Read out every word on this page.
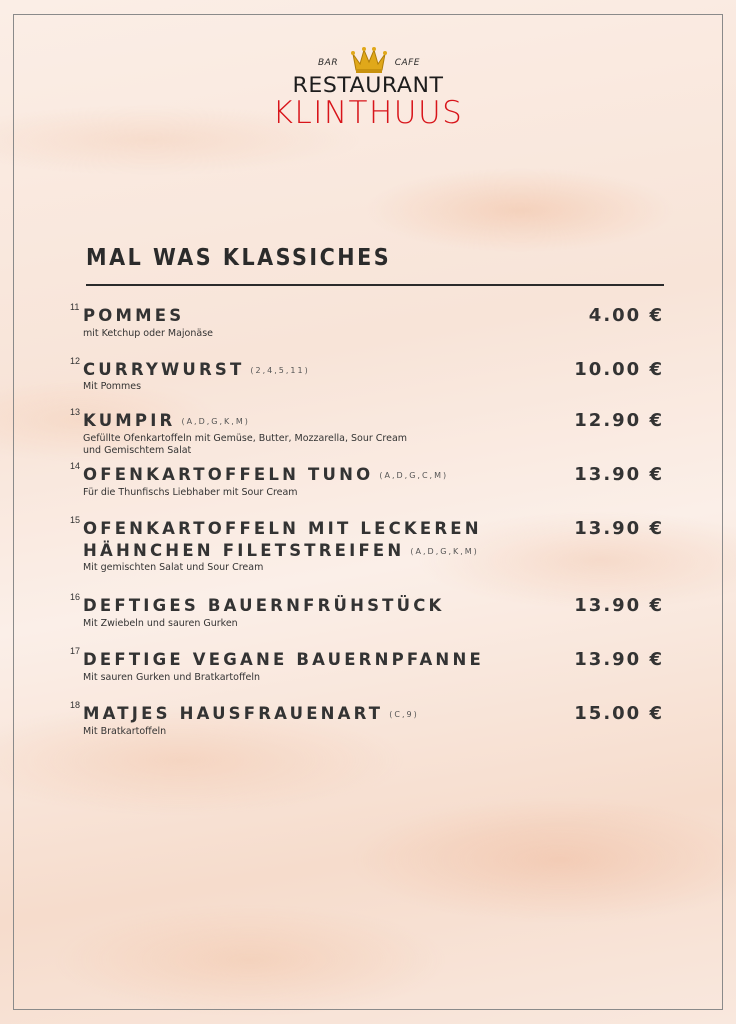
BAR	CAFE
RESTAURANT
KLINTHUUS
MAL WAS KLASSICHES
11 POMMES
mit Ketchup oder Majonäse
4.00 €
12 CURRYWURST (2,4,5,11)
Mit Pommes
10.00 €
13 KUMPIR (A,D,G,K,M)
Gefüllte Ofenkartoffeln mit Gemüse, Butter, Mozzarella, Sour Cream und Gemischtem Salat
12.90 €
14 OFENKARTOFFELN TUNO (A,D,G,C,M)
Für die Thunfischs Liebhaber mit Sour Cream
13.90 €
15 OFENKARTOFFELN MIT LECKEREN HÄHNCHEN FILETSTREIFEN (A,D,G,K,M)
Mit gemischten Salat und Sour Cream
13.90 €
16 DEFTIGES BAUERNFRÜHSTÜCK
Mit Zwiebeln und sauren Gurken
13.90 €
17 DEFTIGE VEGANE BAUERNPFANNE
Mit sauren Gurken und Bratkartoffeln
13.90 €
18 MATJES HAUSFRAUENART (C,9)
Mit Bratkartoffeln
15.00 €
